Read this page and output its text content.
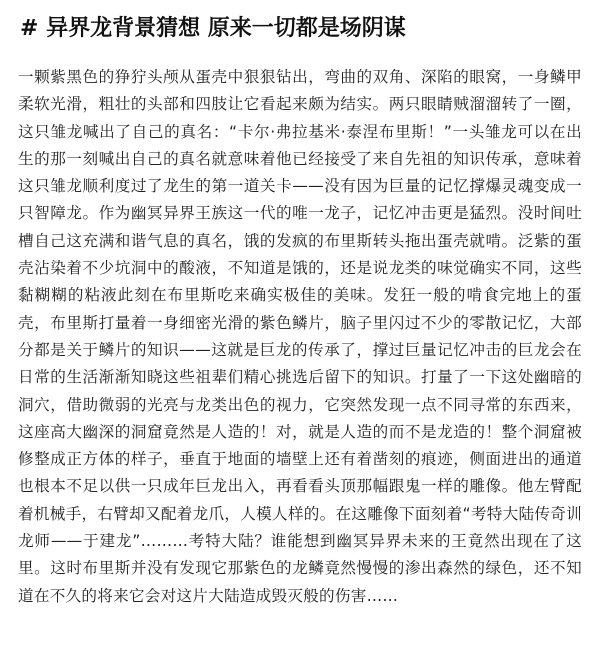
# 异界龙背景猜想 原来一切都是场阴谋
一颗紫黑色的狰狞头颅从蛋壳中狠狠钻出，弯曲的双角、深陷的眼窝，一身鳞甲柔软光滑，粗壮的头部和四肢让它看起来颇为结实。两只眼睛贼溜溜转了一圈，这只雏龙喊出了自己的真名：“卡尔·弗拉基米·泰涅布里斯！”一头雏龙可以在出生的那一刻喊出自己的真名就意味着他已经接受了来自先祖的知识传承，意味着这只雏龙顺利度过了龙生的第一道关卡——没有因为巨量的记忆撑爆灵魂变成一只智障龙。作为幽冥异界王族这一代的唯一龙子，记忆冲击更是猛烈。没时间吐槽自己这充满和谐气息的真名，饿的发疯的布里斯转头拖出蛋壳就啃。泛紫的蛋壳沾染着不少坑洞中的酸液，不知道是饿的，还是说龙类的味觉确实不同，这些黏糊糊的粘液此刻在布里斯吃来确实极佳的美味。发狂一般的啃食完地上的蛋壳，布里斯打量着一身细密光滑的紫色鳞片，脑子里闪过不少的零散记忆，大部分都是关于鳞片的知识——这就是巨龙的传承了，撑过巨量记忆冲击的巨龙会在日常的生活渐渐知晓这些祖辈们精心挑选后留下的知识。打量了一下这处幽暗的洞穴，借助微弱的光亮与龙类出色的视力，它突然发现一点不同寻常的东西来，这座高大幽深的洞窟竟然是人造的！对，就是人造的而不是龙造的！整个洞窟被修整成正方体的样子，垂直于地面的墙壁上还有着凿刻的痕迹，侧面进出的通道也根本不足以供一只成年巨龙出入，再看看头顶那幅跟鬼一样的雕像。他左臂配着机械手，右臂却又配着龙爪，人模人样的。在这雕像下面刻着“考特大陆传奇训龙师——于建龙”………考特大陆？谁能想到幽冥异界未来的王竟然出现在了这里。这时布里斯并没有发现它那紫色的龙鳞竟然慢慢的渗出森然的绿色，还不知道在不久的将来它会对这片大陆造成毁灭般的伤害……
